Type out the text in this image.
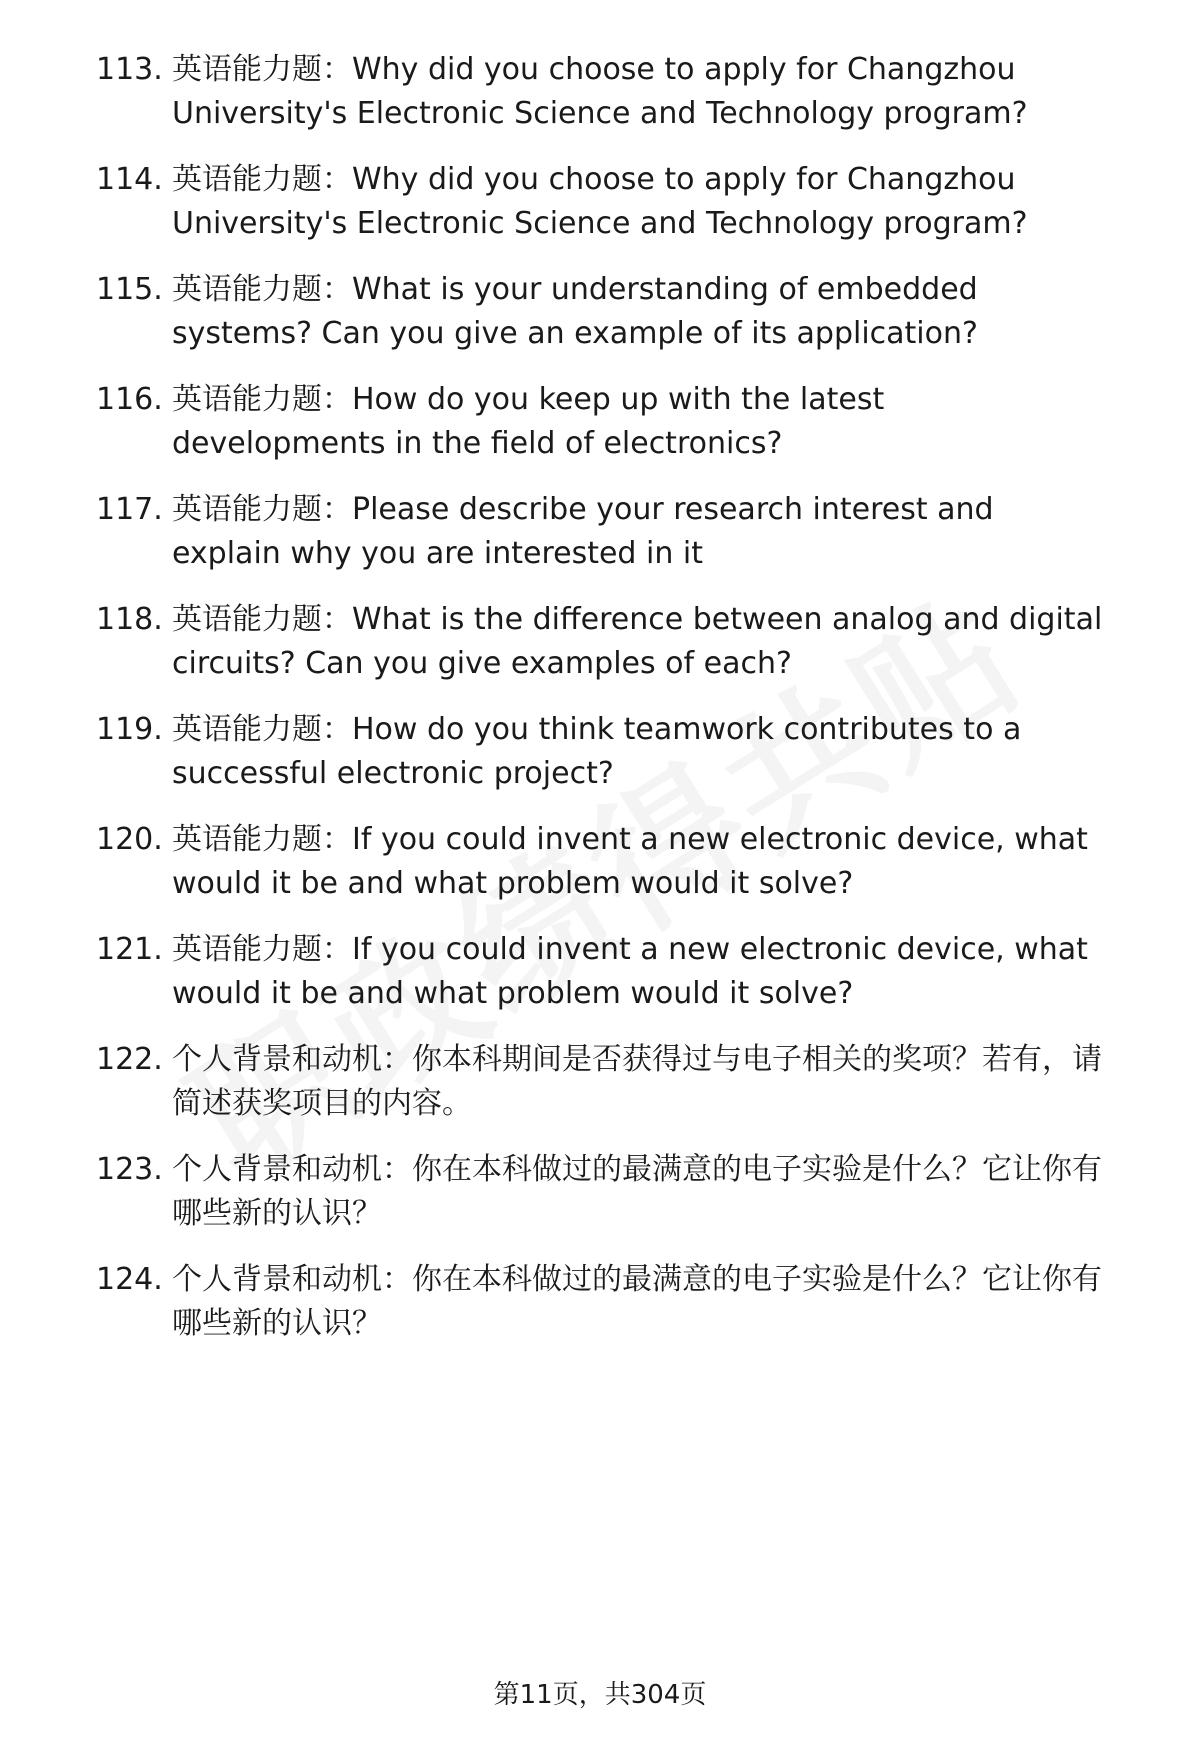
113. 英语能力题：Why did you choose to apply for Changzhou University's Electronic Science and Technology program?
114. 英语能力题：Why did you choose to apply for Changzhou University's Electronic Science and Technology program?
115. 英语能力题：What is your understanding of embedded systems? Can you give an example of its application?
116. 英语能力题：How do you keep up with the latest developments in the field of electronics?
117. 英语能力题：Please describe your research interest and explain why you are interested in it
118. 英语能力题：What is the difference between analog and digital circuits? Can you give examples of each?
119. 英语能力题：How do you think teamwork contributes to a successful electronic project?
120. 英语能力题：If you could invent a new electronic device, what would it be and what problem would it solve?
121. 英语能力题：If you could invent a new electronic device, what would it be and what problem would it solve?
122. 个人背景和动机：你本科期间是否获得过与电子相关的奖项？若有，请简述获奖项目的内容。
123. 个人背景和动机：你在本科做过的最满意的电子实验是什么？它让你有哪些新的认识？
124. 个人背景和动机：你在本科做过的最满意的电子实验是什么？它让你有哪些新的认识？
第11页，共304页
